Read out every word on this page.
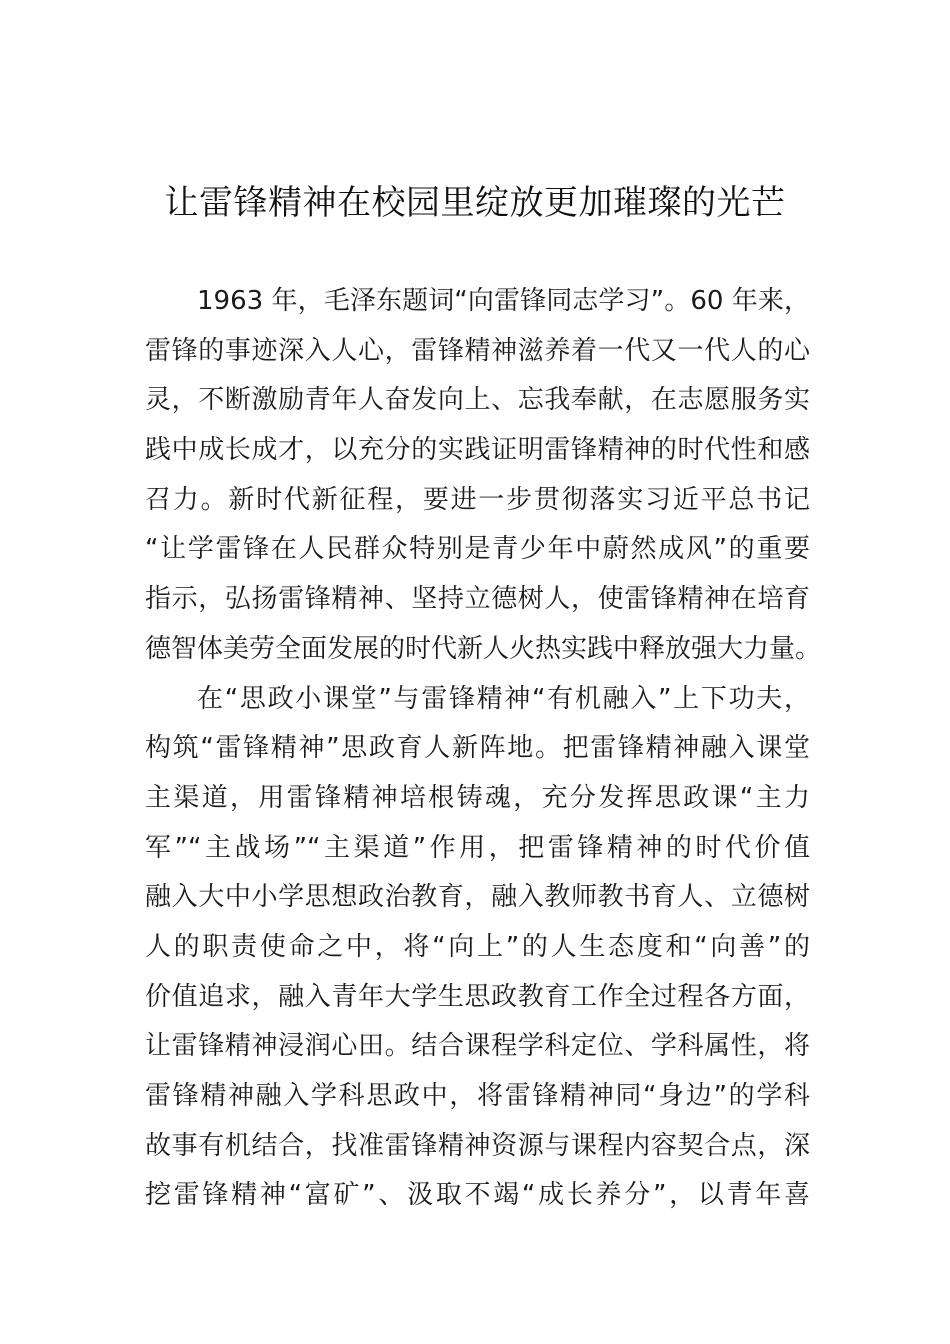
让雷锋精神在校园里绽放更加璀璨的光芒
1963 年，毛泽东题词“向雷锋同志学习”。60 年来，
雷锋的事迹深入人心，雷锋精神滋养着一代又一代人的心
灵，不断激励青年人奋发向上、忘我奉献，在志愿服务实
践中成长成才，以充分的实践证明雷锋精神的时代性和感
召力。新时代新征程，要进一步贯彻落实习近平总书记
“让学雷锋在人民群众特别是青少年中蔚然成风”的重要
指示，弘扬雷锋精神、坚持立德树人，使雷锋精神在培育
德智体美劳全面发展的时代新人火热实践中释放强大力量。
在“思政小课堂”与雷锋精神“有机融入”上下功夫，
构筑“雷锋精神”思政育人新阵地。把雷锋精神融入课堂
主渠道，用雷锋精神培根铸魂，充分发挥思政课“主力
军”“主战场”“主渠道”作用，把雷锋精神的时代价值
融入大中小学思想政治教育，融入教师教书育人、立德树
人的职责使命之中，将“向上”的人生态度和“向善”的
价值追求，融入青年大学生思政教育工作全过程各方面，
让雷锋精神浸润心田。结合课程学科定位、学科属性，将
雷锋精神融入学科思政中，将雷锋精神同“身边”的学科
故事有机结合，找准雷锋精神资源与课程内容契合点，深
挖雷锋精神“富矿”、汲取不竭“成长养分”，以青年喜
